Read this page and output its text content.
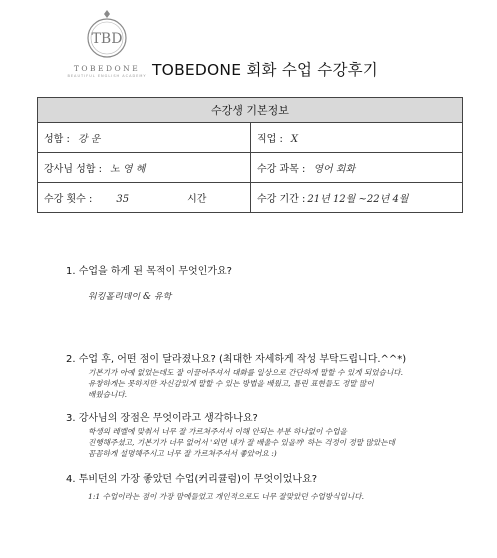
TBD
TOBEDONE
BEAUTIFUL ENGLISH ACADEMY TOBEDONE 회화 수업 수강후기
수강생 기본정보	
성함 : 강 운	직업 : X
강사님 성함 : 노 영 혜	수강 과목 : 영어 회화
수강 횟수 : 35 시간	수강 기간 : 21년 12월 ~22년 4월
1. 수업을 하게 된 목적이 무엇인가요?
워킹홀리데이 & 유학
2. 수업 후, 어떤 점이 달라졌나요? (최대한 자세하게 작성 부탁드립니다.^^*)
기본기가 아예 없었는데도 잘 이끌어주셔서 대화를 일상으로 간단하게 말할 수 있게 되었습니다.
유창하게는 못하지만 자신감있게 말할 수 있는 방법을 배웠고, 틀린 표현들도 정말 많이
배웠습니다.
3. 강사님의 장점은 무엇이라고 생각하나요?
학생의 레벨에 맞춰서 너무 잘 가르쳐주셔서 이해 안되는 부분 하나없이 수업을
진행해주셨고, 기본기가 너무 없어서 '외면 내가 잘 배울수 있을까' 하는 걱정이 정말 많았는데
꼼꼼하게 설명해주시고 너무 잘 가르쳐주셔서 좋았어요 :)
4. 투비던의 가장 좋았던 수업(커리큘럼)이 무엇이었나요?
1:1 수업이라는 점이 가장 맘에들었고 개인적으로도 너무 잘맞았던 수업방식입니다.
